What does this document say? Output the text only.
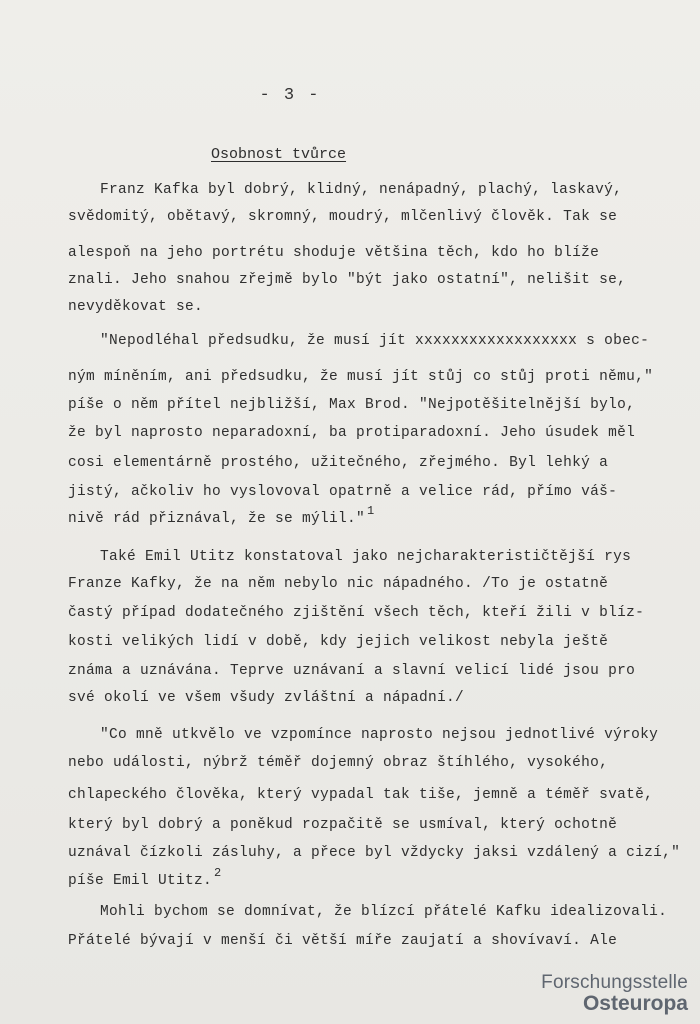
- 3 -
Osobnost tvůrce
Franz Kafka byl dobrý, klidný, nenápadný, plachý, laskavý,
svědomitý, obětavý, skromný, moudrý, mlčenlivý člověk. Tak se
alespoň na jeho portrétu shoduje většina těch, kdo ho blíže
znali. Jeho snahou zřejmě bylo "být jako ostatní", nelišit se,
nevyděkovat se.
"Nepodléhal předsudku, že musí jít xxxxxxxxxxxxxxxxxx s obec-
ným míněním, ani předsudku, že musí jít stůj co stůj proti němu,"
píše o něm přítel nejbližší, Max Brod. "Nejpotěšitelnější bylo,
že byl naprosto neparadoxní, ba protiparadoxní. Jeho úsudek měl
cosi elementárně prostého, užitečného, zřejmého. Byl lehký a
jistý, ačkoliv ho vyslovoval opatrně a velice rád, přímo váš-
nivě rád přiznával, že se mýlil." $^1$
Také Emil Utitz konstatoval jako nejcharakterističtější rys
Franze Kafky, že na něm nebylo nic nápadného. /To je ostatně
častý případ dodatečného zjištění všech těch, kteří žili v blíz-
kosti velikých lidí v době, kdy jejich velikost nebyla ještě
známa a uznávána. Teprve uznávaní a slavní velicí lidé jsou pro
své okolí ve všem všudy zvláštní a nápadní./
"Co mně utkvělo ve vzpomínce naprosto nejsou jednotlivé výroky
nebo události, nýbrž téměř dojemný obraz štíhlého, vysokého,
chlapeckého člověka, který vypadal tak tiše, jemně a téměř svatě,
který byl dobrý a poněkud rozpačitě se usmíval, který ochotně
uznával čízkoli zásluhy, a přece byl vždycky jaksi vzdálený a cizí,"
píše Emil Utitz. $^2$
Mohli bychom se domnívat, že blízcí přátelé Kafku idealizovali.
Přátelé bývají v menší či větší míře zaujatí a shovívaví. Ale
Forschungsstelle
Osteuropa
